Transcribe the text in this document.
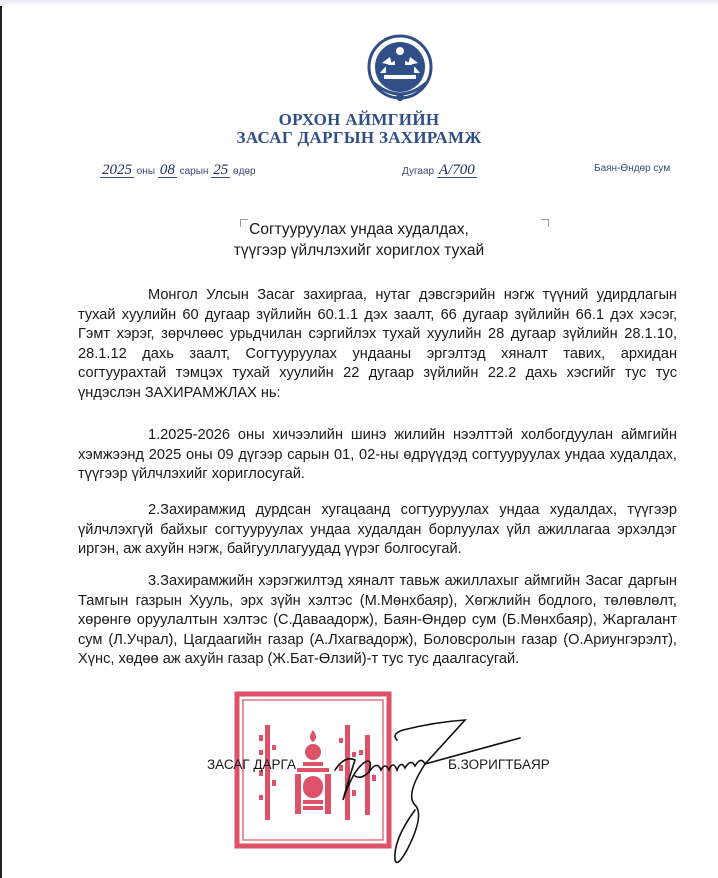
ОРХОН АЙМГИЙН
ЗАСАГ ДАРГЫН ЗАХИРАМЖ
2025 оны 08 сарын 25 өдөр	Дугаар А/700	Баян-Өндөр сум
Согтууруулах ундаа худалдах,
түүгээр үйлчлэхийг хориглох тухай
Монгол Улсын Засаг захиргаа, нутаг дэвсгэрийн нэгж түүний удирдлагын тухай хуулийн 60 дугаар зүйлийн 60.1.1 дэх заалт, 66 дугаар зүйлийн 66.1 дэх хэсэг, Гэмт хэрэг, зөрчлөөс урьдчилан сэргийлэх тухай хуулийн 28 дугаар зүйлийн 28.1.10, 28.1.12 дахь заалт, Согтууруулах ундааны эргэлтэд хяналт тавих, архидан согтуурахтай тэмцэх тухай хуулийн 22 дугаар зүйлийн 22.2 дахь хэсгийг тус тус үндэслэн ЗАХИРАМЖЛАХ нь:
1.2025-2026 оны хичээлийн шинэ жилийн нээлттэй холбогдуулан аймгийн хэмжээнд 2025 оны 09 дүгээр сарын 01, 02-ны өдрүүдэд согтууруулах ундаа худалдах, түүгээр үйлчлэхийг хориглосугай.
2.Захирамжид дурдсан хугацаанд согтууруулах ундаа худалдах, түүгээр үйлчлэхгүй байхыг согтууруулах ундаа худалдан борлуулах үйл ажиллагаа эрхэлдэг иргэн, аж ахуйн нэгж, байгууллагуудад үүрэг болгосугай.
3.Захирамжийн хэрэгжилтэд хяналт тавьж ажиллахыг аймгийн Засаг даргын Тамгын газрын Хууль, эрх зүйн хэлтэс (М.Мөнхбаяр), Хөгжлийн бодлого, төлөвлөлт, хөрөнгө оруулалтын хэлтэс (С.Даваадорж), Баян-Өндөр сум (Б.Мөнхбаяр), Жаргалант сум (Л.Учрал), Цагдаагийн газар (А.Лхагвадорж), Боловсролын газар (О.Ариунгэрэлт), Хүнс, хөдөө аж ахуйн газар (Ж.Бат-Өлзий)-т тус тус даалгасугай.
ЗАСАГ ДАРГА	Б.ЗОРИГТБАЯР
